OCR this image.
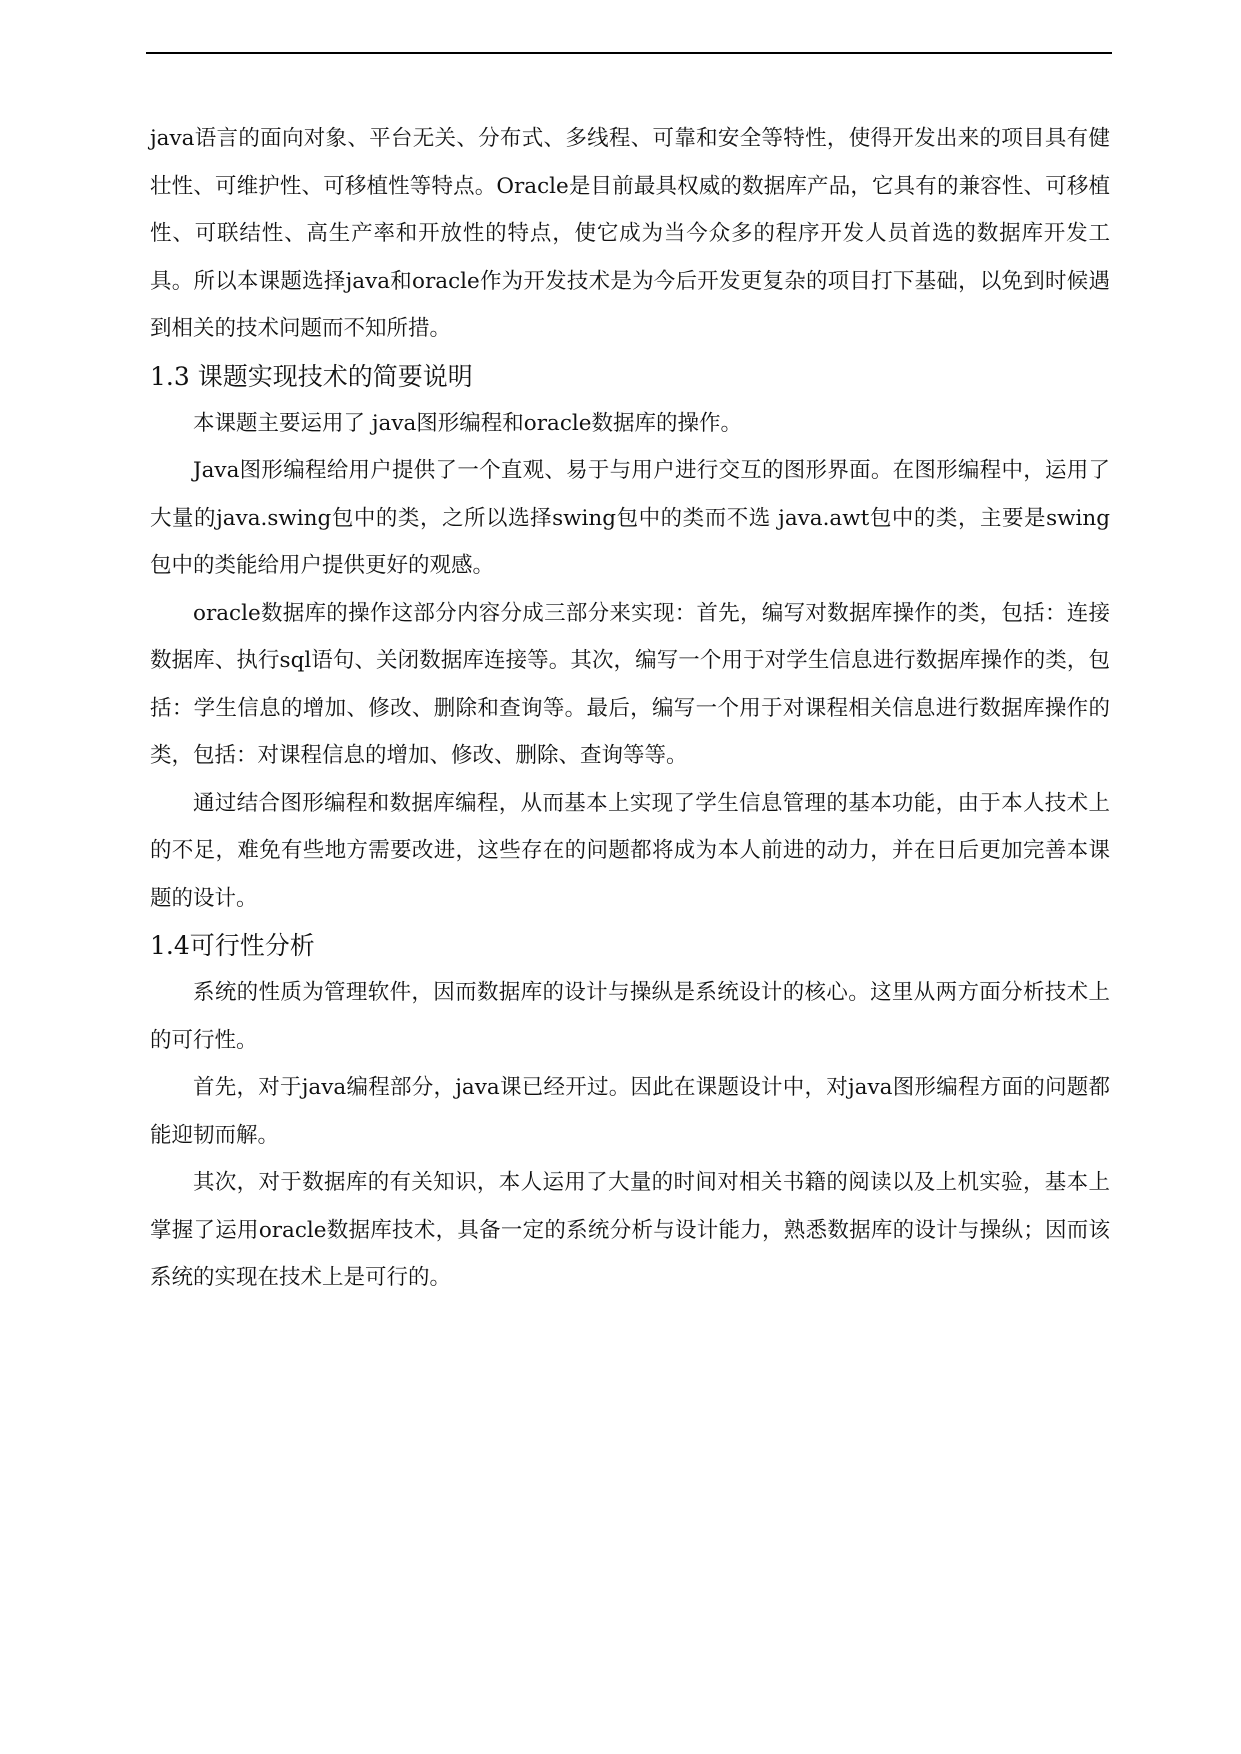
java语言的面向对象、平台无关、分布式、多线程、可靠和安全等特性，使得开发出来的项目具有健壮性、可维护性、可移植性等特点。Oracle是目前最具权威的数据库产品，它具有的兼容性、可移植性、可联结性、高生产率和开放性的特点，使它成为当今众多的程序开发人员首选的数据库开发工具。所以本课题选择java和oracle作为开发技术是为今后开发更复杂的项目打下基础，以免到时候遇到相关的技术问题而不知所措。

1.3 课题实现技术的简要说明

本课题主要运用了 java图形编程和oracle数据库的操作。

Java图形编程给用户提供了一个直观、易于与用户进行交互的图形界面。在图形编程中，运用了大量的java.swing包中的类，之所以选择swing包中的类而不选 java.awt包中的类，主要是swing包中的类能给用户提供更好的观感。

oracle数据库的操作这部分内容分成三部分来实现：首先，编写对数据库操作的类，包括：连接数据库、执行sql语句、关闭数据库连接等。其次，编写一个用于对学生信息进行数据库操作的类，包括：学生信息的增加、修改、删除和查询等。最后，编写一个用于对课程相关信息进行数据库操作的类，包括：对课程信息的增加、修改、删除、查询等等。

通过结合图形编程和数据库编程，从而基本上实现了学生信息管理的基本功能，由于本人技术上的不足，难免有些地方需要改进，这些存在的问题都将成为本人前进的动力，并在日后更加完善本课题的设计。

1.4可行性分析

系统的性质为管理软件，因而数据库的设计与操纵是系统设计的核心。这里从两方面分析技术上的可行性。

首先，对于java编程部分，java课已经开过。因此在课题设计中，对java图形编程方面的问题都能迎韧而解。

其次，对于数据库的有关知识，本人运用了大量的时间对相关书籍的阅读以及上机实验，基本上掌握了运用oracle数据库技术，具备一定的系统分析与设计能力，熟悉数据库的设计与操纵；因而该系统的实现在技术上是可行的。
